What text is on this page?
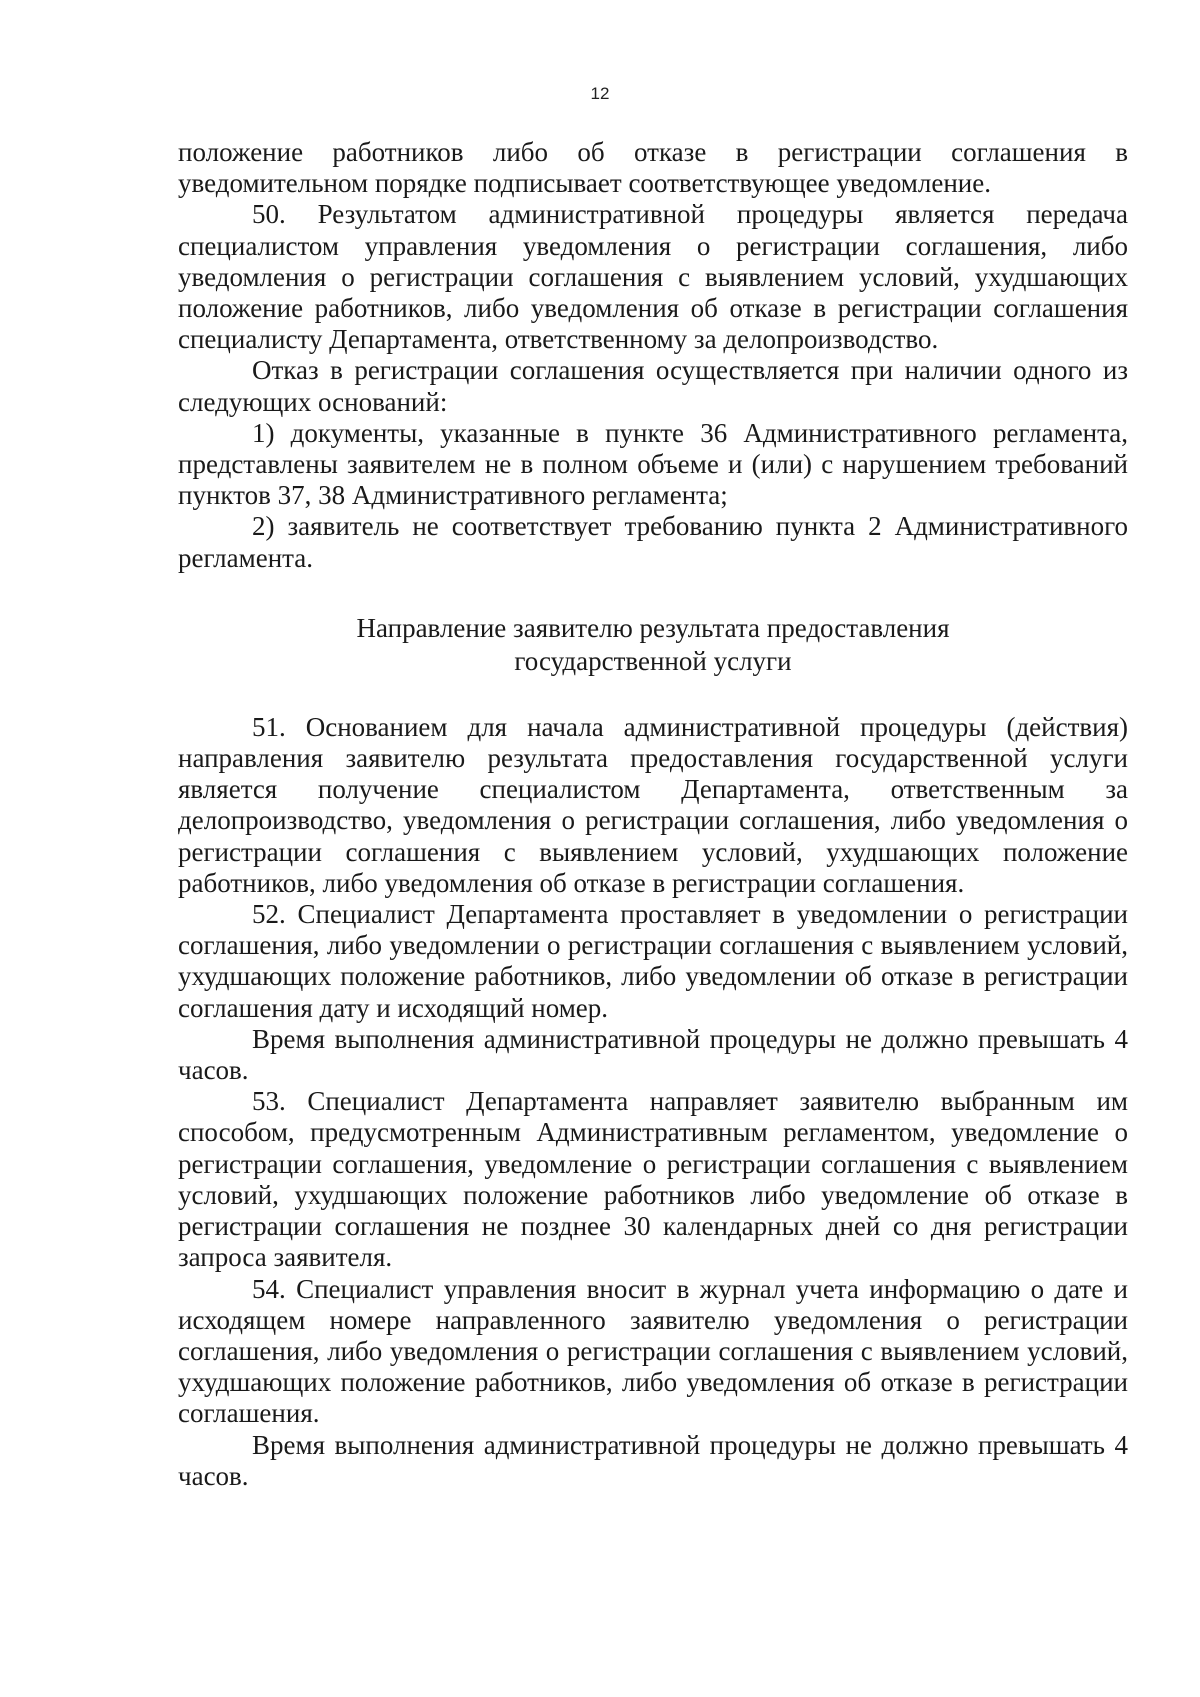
12

положение работников либо об отказе в регистрации соглашения в уведомительном порядке подписывает соответствующее уведомление.

50. Результатом административной процедуры является передача специалистом управления уведомления о регистрации соглашения, либо уведомления о регистрации соглашения с выявлением условий, ухудшающих положение работников, либо уведомления об отказе в регистрации соглашения специалисту Департамента, ответственному за делопроизводство.

Отказ в регистрации соглашения осуществляется при наличии одного из следующих оснований:

1) документы, указанные в пункте 36 Административного регламента, представлены заявителем не в полном объеме и (или) с нарушением требований пунктов 37, 38 Административного регламента;

2) заявитель не соответствует требованию пункта 2 Административного регламента.

Направление заявителю результата предоставления
государственной услуги

51. Основанием для начала административной процедуры (действия) направления заявителю результата предоставления государственной услуги является получение специалистом Департамента, ответственным за делопроизводство, уведомления о регистрации соглашения, либо уведомления о регистрации соглашения с выявлением условий, ухудшающих положение работников, либо уведомления об отказе в регистрации соглашения.

52. Специалист Департамента проставляет в уведомлении о регистрации соглашения, либо уведомлении о регистрации соглашения с выявлением условий, ухудшающих положение работников, либо уведомлении об отказе в регистрации соглашения дату и исходящий номер.

Время выполнения административной процедуры не должно превышать 4 часов.

53. Специалист Департамента направляет заявителю выбранным им способом, предусмотренным Административным регламентом, уведомление о регистрации соглашения, уведомление о регистрации соглашения с выявлением условий, ухудшающих положение работников либо уведомление об отказе в регистрации соглашения не позднее 30 календарных дней со дня регистрации запроса заявителя.

54. Специалист управления вносит в журнал учета информацию о дате и исходящем номере направленного заявителю уведомления о регистрации соглашения, либо уведомления о регистрации соглашения с выявлением условий, ухудшающих положение работников, либо уведомления об отказе в регистрации соглашения.

Время выполнения административной процедуры не должно превышать 4 часов.
